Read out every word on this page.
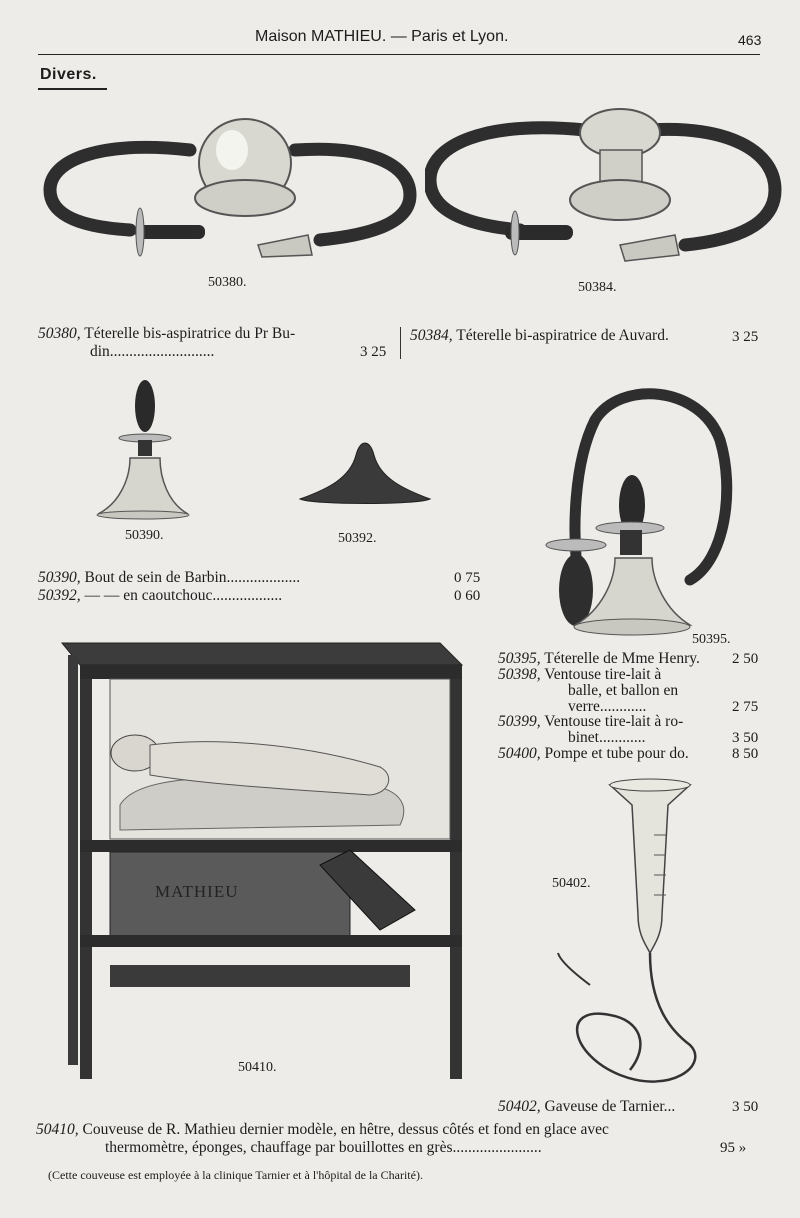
Maison MATHIEU. — Paris et Lyon.	463
Divers.
50380.	50384.
50380, Téterelle bis-aspiratrice du Pr Bu-
din...........................	3 25
50384, Téterelle bi-aspiratrice de Auvard.	3 25
50390.	50392.
50390, Bout de sein de Barbin...................	0 75
50392, — — en caoutchouc..................	0 60
50395.
50395, Téterelle de Mme Henry. 2 50
50398, Ventouse tire-lait à
balle, et ballon en
verre............	2 75
50399, Ventouse tire-lait à ro-
binet............	3 50
50400, Pompe et tube pour do.	8 50
50402.
MATHIEU
50410.
50402, Gaveuse de Tarnier...	3 50
50410, Couveuse de R. Mathieu dernier modèle, en hêtre, dessus côtés et fond en glace avec
thermomètre, éponges, chauffage par bouillottes en grès.......................	95 »
(Cette couveuse est employée à la clinique Tarnier et à l'hôpital de la Charité).
